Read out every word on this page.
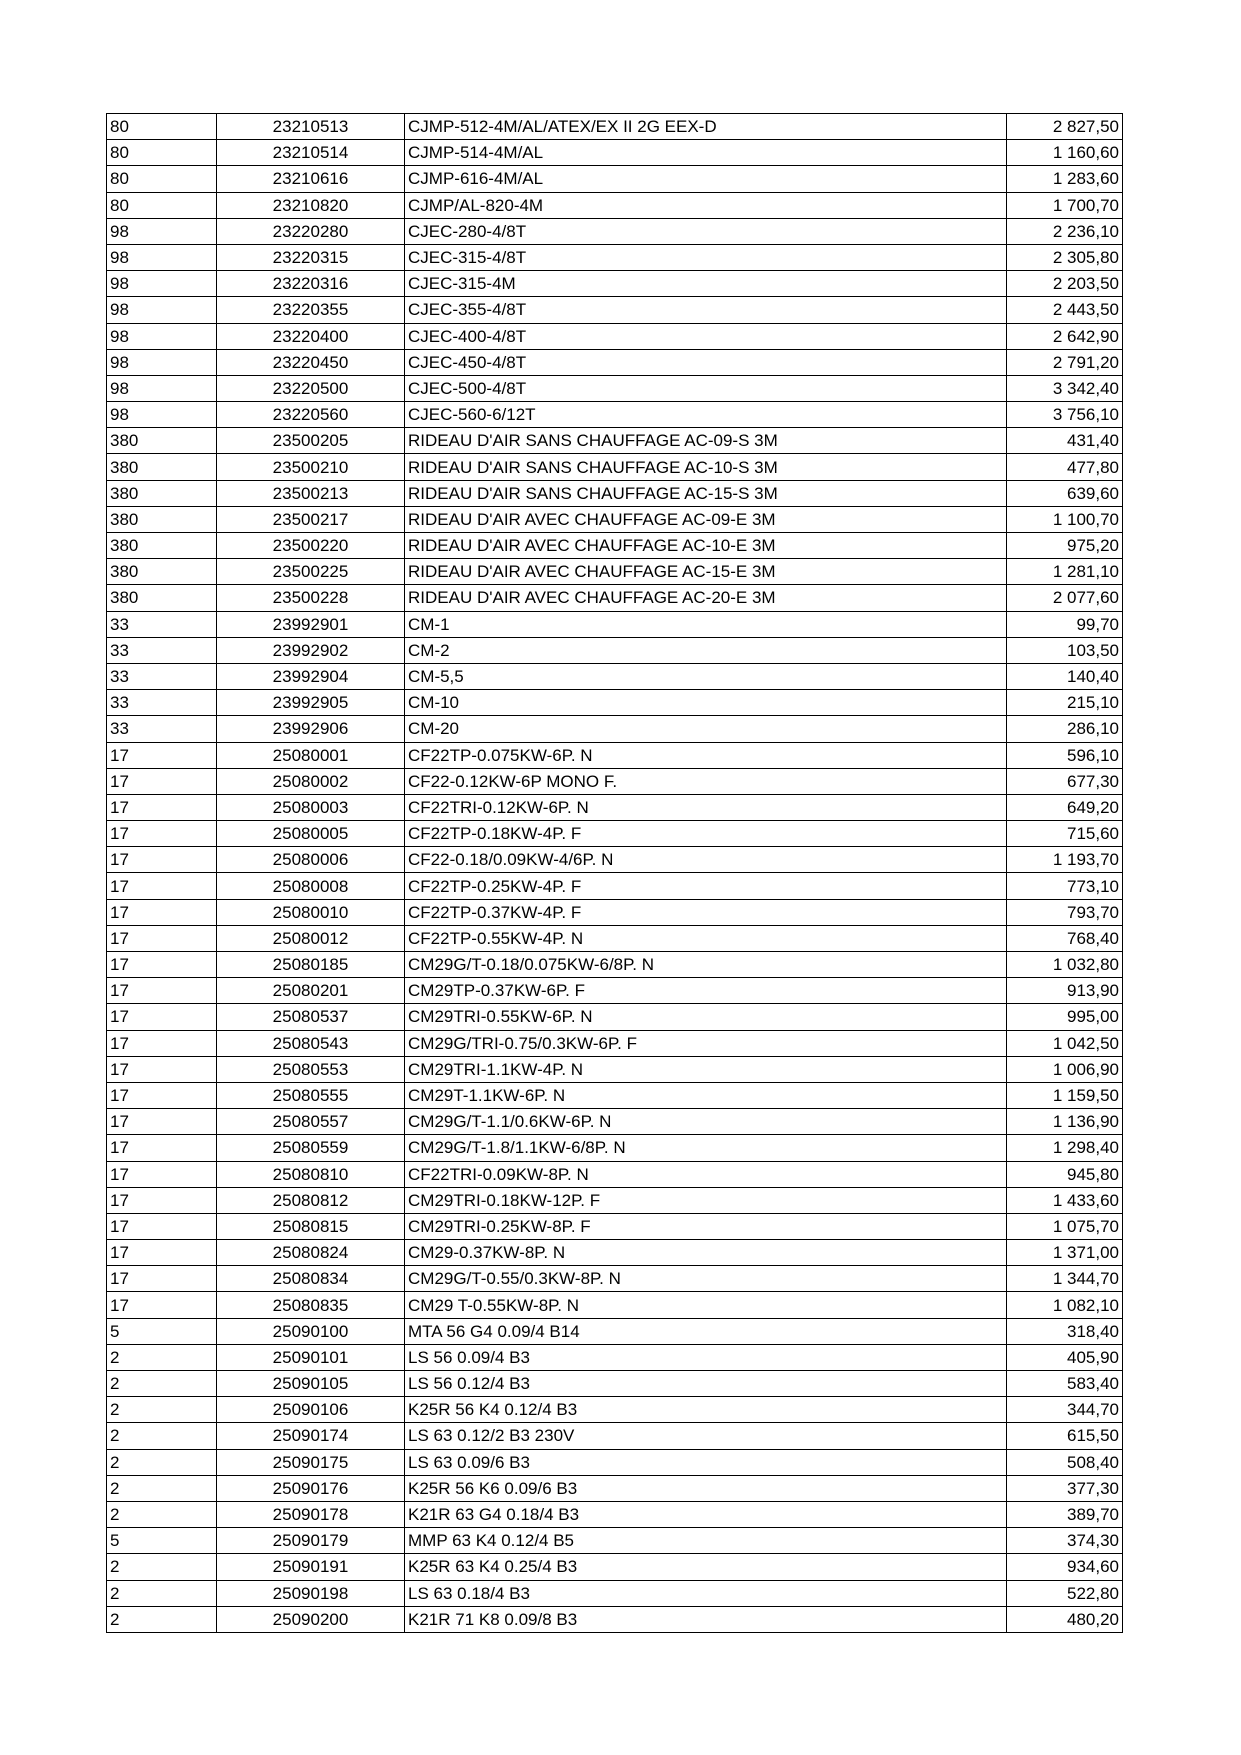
80	23210513	CJMP-512-4M/AL/ATEX/EX II 2G EEX-D	2 827,50
80	23210514	CJMP-514-4M/AL	1 160,60
80	23210616	CJMP-616-4M/AL	1 283,60
80	23210820	CJMP/AL-820-4M	1 700,70
98	23220280	CJEC-280-4/8T	2 236,10
98	23220315	CJEC-315-4/8T	2 305,80
98	23220316	CJEC-315-4M	2 203,50
98	23220355	CJEC-355-4/8T	2 443,50
98	23220400	CJEC-400-4/8T	2 642,90
98	23220450	CJEC-450-4/8T	2 791,20
98	23220500	CJEC-500-4/8T	3 342,40
98	23220560	CJEC-560-6/12T	3 756,10
380	23500205	RIDEAU D'AIR SANS CHAUFFAGE AC-09-S 3M	431,40
380	23500210	RIDEAU D'AIR SANS CHAUFFAGE AC-10-S 3M	477,80
380	23500213	RIDEAU D'AIR SANS CHAUFFAGE AC-15-S 3M	639,60
380	23500217	RIDEAU D'AIR AVEC CHAUFFAGE AC-09-E 3M	1 100,70
380	23500220	RIDEAU D'AIR AVEC CHAUFFAGE AC-10-E 3M	975,20
380	23500225	RIDEAU D'AIR AVEC CHAUFFAGE AC-15-E 3M	1 281,10
380	23500228	RIDEAU D'AIR AVEC CHAUFFAGE AC-20-E 3M	2 077,60
33	23992901	CM-1	99,70
33	23992902	CM-2	103,50
33	23992904	CM-5,5	140,40
33	23992905	CM-10	215,10
33	23992906	CM-20	286,10
17	25080001	CF22TP-0.075KW-6P. N	596,10
17	25080002	CF22-0.12KW-6P MONO F.	677,30
17	25080003	CF22TRI-0.12KW-6P. N	649,20
17	25080005	CF22TP-0.18KW-4P. F	715,60
17	25080006	CF22-0.18/0.09KW-4/6P. N	1 193,70
17	25080008	CF22TP-0.25KW-4P. F	773,10
17	25080010	CF22TP-0.37KW-4P. F	793,70
17	25080012	CF22TP-0.55KW-4P. N	768,40
17	25080185	CM29G/T-0.18/0.075KW-6/8P. N	1 032,80
17	25080201	CM29TP-0.37KW-6P. F	913,90
17	25080537	CM29TRI-0.55KW-6P. N	995,00
17	25080543	CM29G/TRI-0.75/0.3KW-6P. F	1 042,50
17	25080553	CM29TRI-1.1KW-4P. N	1 006,90
17	25080555	CM29T-1.1KW-6P. N	1 159,50
17	25080557	CM29G/T-1.1/0.6KW-6P. N	1 136,90
17	25080559	CM29G/T-1.8/1.1KW-6/8P. N	1 298,40
17	25080810	CF22TRI-0.09KW-8P. N	945,80
17	25080812	CM29TRI-0.18KW-12P. F	1 433,60
17	25080815	CM29TRI-0.25KW-8P. F	1 075,70
17	25080824	CM29-0.37KW-8P. N	1 371,00
17	25080834	CM29G/T-0.55/0.3KW-8P. N	1 344,70
17	25080835	CM29 T-0.55KW-8P. N	1 082,10
5	25090100	MTA 56 G4 0.09/4 B14	318,40
2	25090101	LS 56 0.09/4 B3	405,90
2	25090105	LS 56 0.12/4 B3	583,40
2	25090106	K25R 56 K4 0.12/4 B3	344,70
2	25090174	LS 63 0.12/2 B3 230V	615,50
2	25090175	LS 63 0.09/6 B3	508,40
2	25090176	K25R 56 K6 0.09/6 B3	377,30
2	25090178	K21R 63 G4 0.18/4 B3	389,70
5	25090179	MMP 63 K4 0.12/4 B5	374,30
2	25090191	K25R 63 K4 0.25/4 B3	934,60
2	25090198	LS 63 0.18/4 B3	522,80
2	25090200	K21R 71 K8 0.09/8 B3	480,20
